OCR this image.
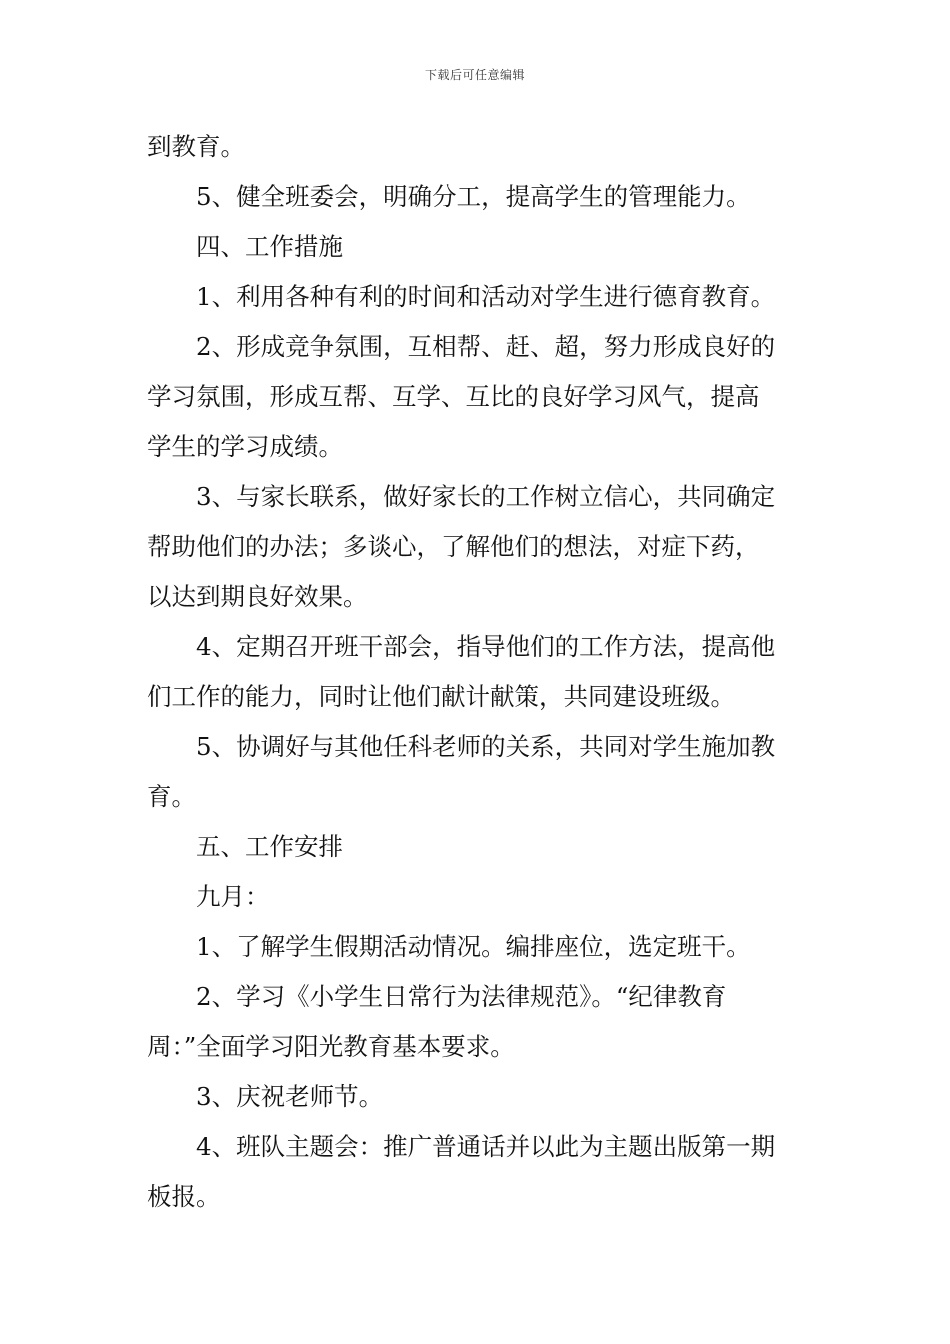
下载后可任意编辑

到教育。

5、健全班委会，明确分工，提高学生的管理能力。

四、工作措施

1、利用各种有利的时间和活动对学生进行德育教育。

2、形成竞争氛围，互相帮、赶、超，努力形成良好的
学习氛围，形成互帮、互学、互比的良好学习风气，提高
学生的学习成绩。

3、与家长联系，做好家长的工作树立信心，共同确定
帮助他们的办法；多谈心，了解他们的想法，对症下药，
以达到期良好效果。

4、定期召开班干部会，指导他们的工作方法，提高他
们工作的能力，同时让他们献计献策，共同建设班级。

5、协调好与其他任科老师的关系，共同对学生施加教
育。

五、工作安排

九月：

1、了解学生假期活动情况。编排座位，选定班干。

2、学习《小学生日常行为法律规范》。“纪律教育
周：”全面学习阳光教育基本要求。

3、庆祝老师节。

4、班队主题会：推广普通话并以此为主题出版第一期
板报。
